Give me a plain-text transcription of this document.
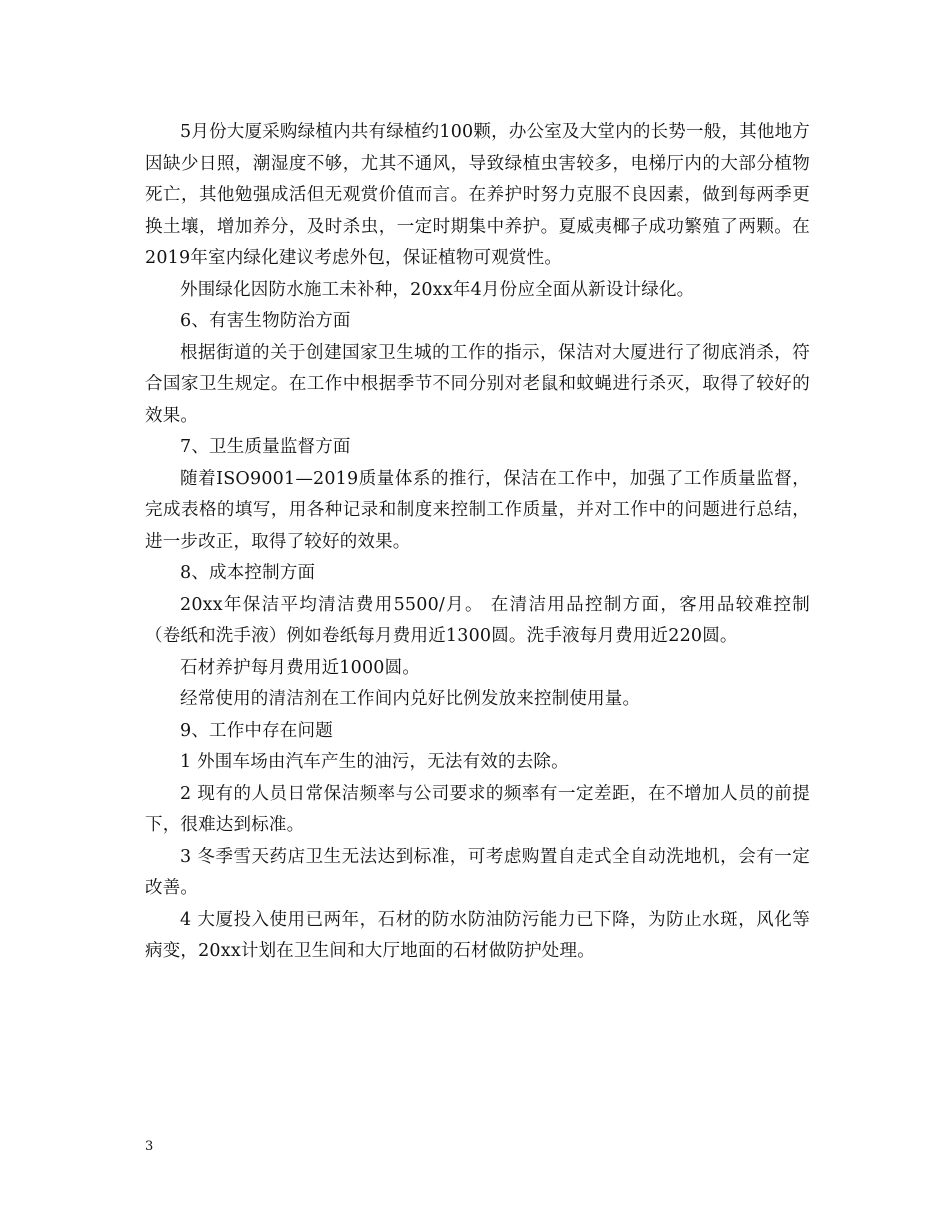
5月份大厦采购绿植内共有绿植约100颗，办公室及大堂内的长势一般，其他地方因缺少日照，潮湿度不够，尤其不通风，导致绿植虫害较多，电梯厅内的大部分植物死亡，其他勉强成活但无观赏价值而言。在养护时努力克服不良因素，做到每两季更换土壤，增加养分，及时杀虫，一定时期集中养护。夏威夷椰子成功繁殖了两颗。在2019年室内绿化建议考虑外包，保证植物可观赏性。

外围绿化因防水施工未补种，20xx年4月份应全面从新设计绿化。

6、有害生物防治方面

根据街道的关于创建国家卫生城的工作的指示，保洁对大厦进行了彻底消杀，符合国家卫生规定。在工作中根据季节不同分别对老鼠和蚊蝇进行杀灭，取得了较好的效果。

7、卫生质量监督方面

随着ISO9001—2019质量体系的推行，保洁在工作中，加强了工作质量监督，完成表格的填写，用各种记录和制度来控制工作质量，并对工作中的问题进行总结，进一步改正，取得了较好的效果。

8、成本控制方面

20xx年保洁平均清洁费用5500/月。 在清洁用品控制方面，客用品较难控制（卷纸和洗手液）例如卷纸每月费用近1300圆。洗手液每月费用近220圆。

石材养护每月费用近1000圆。

经常使用的清洁剂在工作间内兑好比例发放来控制使用量。

9、工作中存在问题

1 外围车场由汽车产生的油污，无法有效的去除。

2 现有的人员日常保洁频率与公司要求的频率有一定差距，在不增加人员的前提下，很难达到标准。

3 冬季雪天药店卫生无法达到标准，可考虑购置自走式全自动洗地机，会有一定改善。

4 大厦投入使用已两年，石材的防水防油防污能力已下降，为防止水斑，风化等病变，20xx计划在卫生间和大厅地面的石材做防护处理。

3
